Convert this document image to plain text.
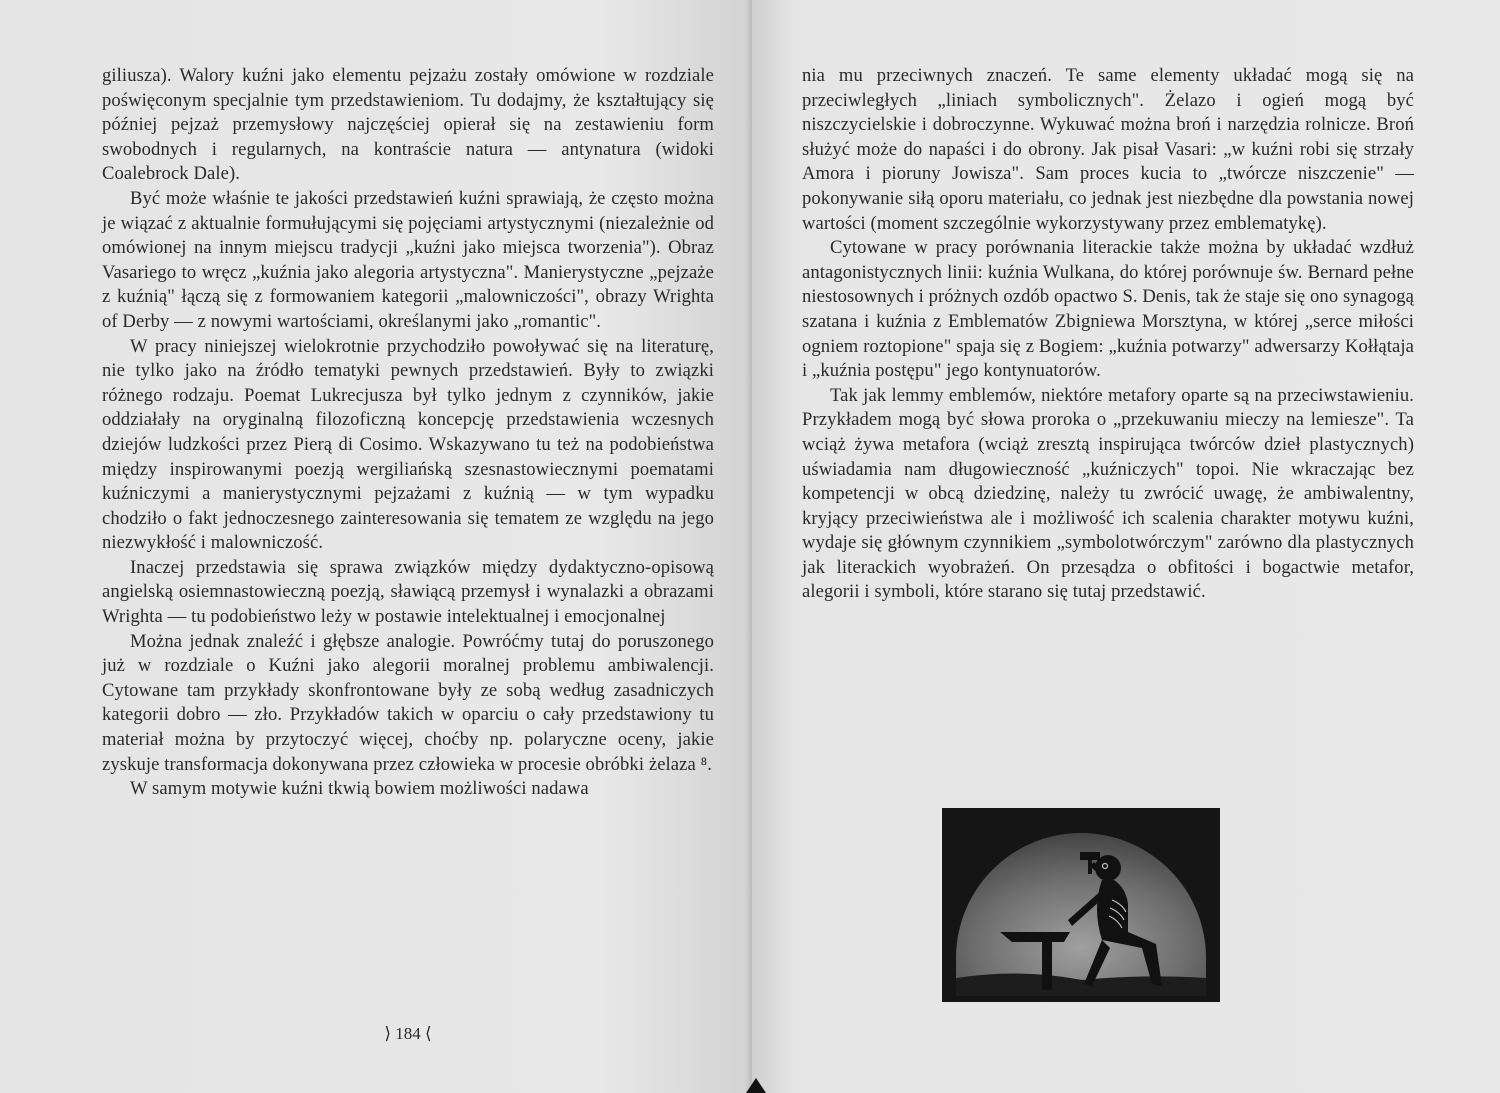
giliusza). Walory kuźni jako elementu pejzażu zostały omówione w rozdziale poświęconym specjalnie tym przedstawieniom. Tu dodajmy, że kształtujący się później pejzaż przemysłowy najczęściej opierał się na zestawieniu form swobodnych i regularnych, na kontraście natura — antynatura (widoki Coalebrock Dale).

Być może właśnie te jakości przedstawień kuźni sprawiają, że często można je wiązać z aktualnie formułującymi się pojęciami artystycznymi (niezależnie od omówionej na innym miejscu tradycji „kuźni jako miejsca tworzenia"). Obraz Vasariego to wręcz „kuźnia jako alegoria artystyczna". Manierystyczne „pejzaże z kuźnią" łączą się z formowaniem kategorii „malowniczości", obrazy Wrighta of Derby — z nowymi wartościami, określanymi jako „romantic".

W pracy niniejszej wielokrotnie przychodziło powoływać się na literaturę, nie tylko jako na źródło tematyki pewnych przedstawień. Były to związki różnego rodzaju. Poemat Lukrecjusza był tylko jednym z czynników, jakie oddziałały na oryginalną filozoficzną koncepcję przedstawienia wczesnych dziejów ludzkości przez Pierą di Cosimo. Wskazywano tu też na podobieństwa między inspirowanymi poezją wergiliańską szesnastowiecznymi poematami kuźniczymi a manierystycznymi pejzażami z kuźnią — w tym wypadku chodziło o fakt jednoczesnego zainteresowania się tematem ze względu na jego niezwykłość i malowniczość.

Inaczej przedstawia się sprawa związków między dydaktyczno-opisową angielską osiemnastowieczną poezją, sławiącą przemysł i wynalazki a obrazami Wrighta — tu podobieństwo leży w postawie intelektualnej i emocjonalnej

Można jednak znaleźć i głębsze analogie. Powróćmy tutaj do poruszonego już w rozdziale o Kuźni jako alegorii moralnej problemu ambiwalencji. Cytowane tam przykłady skonfrontowane były ze sobą według zasadniczych kategorii dobro — zło. Przykładów takich w oparciu o cały przedstawiony tu materiał można by przytoczyć więcej, choćby np. polaryczne oceny, jakie zyskuje transformacja dokonywana przez człowieka w procesie obróbki żelaza ⁸.

W samym motywie kuźni tkwią bowiem możliwości nadawa

⟩ 184 ⟨

nia mu przeciwnych znaczeń. Te same elementy układać mogą się na przeciwległych „liniach symbolicznych". Żelazo i ogień mogą być niszczycielskie i dobroczynne. Wykuwać można broń i narzędzia rolnicze. Broń służyć może do napaści i do obrony. Jak pisał Vasari: „w kuźni robi się strzały Amora i pioruny Jowisza". Sam proces kucia to „twórcze niszczenie" — pokonywanie siłą oporu materiału, co jednak jest niezbędne dla powstania nowej wartości (moment szczególnie wykorzystywany przez emblematykę).

Cytowane w pracy porównania literackie także można by układać wzdłuż antagonistycznych linii: kuźnia Wulkana, do której porównuje św. Bernard pełne niestosownych i próżnych ozdób opactwo S. Denis, tak że staje się ono synagogą szatana i kuźnia z Emblematów Zbigniewa Morsztyna, w której „serce miłości ogniem roztopione" spaja się z Bogiem: „kuźnia potwarzy" adwersarzy Kołłątaja i „kuźnia postępu" jego kontynuatorów.

Tak jak lemmy emblemów, niektóre metafory oparte są na przeciwstawieniu. Przykładem mogą być słowa proroka o „przekuwaniu mieczy na lemiesze". Ta wciąż żywa metafora (wciąż zresztą inspirująca twórców dzieł plastycznych) uświadamia nam długowieczność „kuźniczych" topoi. Nie wkraczając bez kompetencji w obcą dziedzinę, należy tu zwrócić uwagę, że ambiwalentny, kryjący przeciwieństwa ale i możliwość ich scalenia charakter motywu kuźni, wydaje się głównym czynnikiem „symbolotwórczym" zarówno dla plastycznych jak literackich wyobrażeń. On przesądza o obfitości i bogactwie metafor, alegorii i symboli, które starano się tutaj przedstawić.
